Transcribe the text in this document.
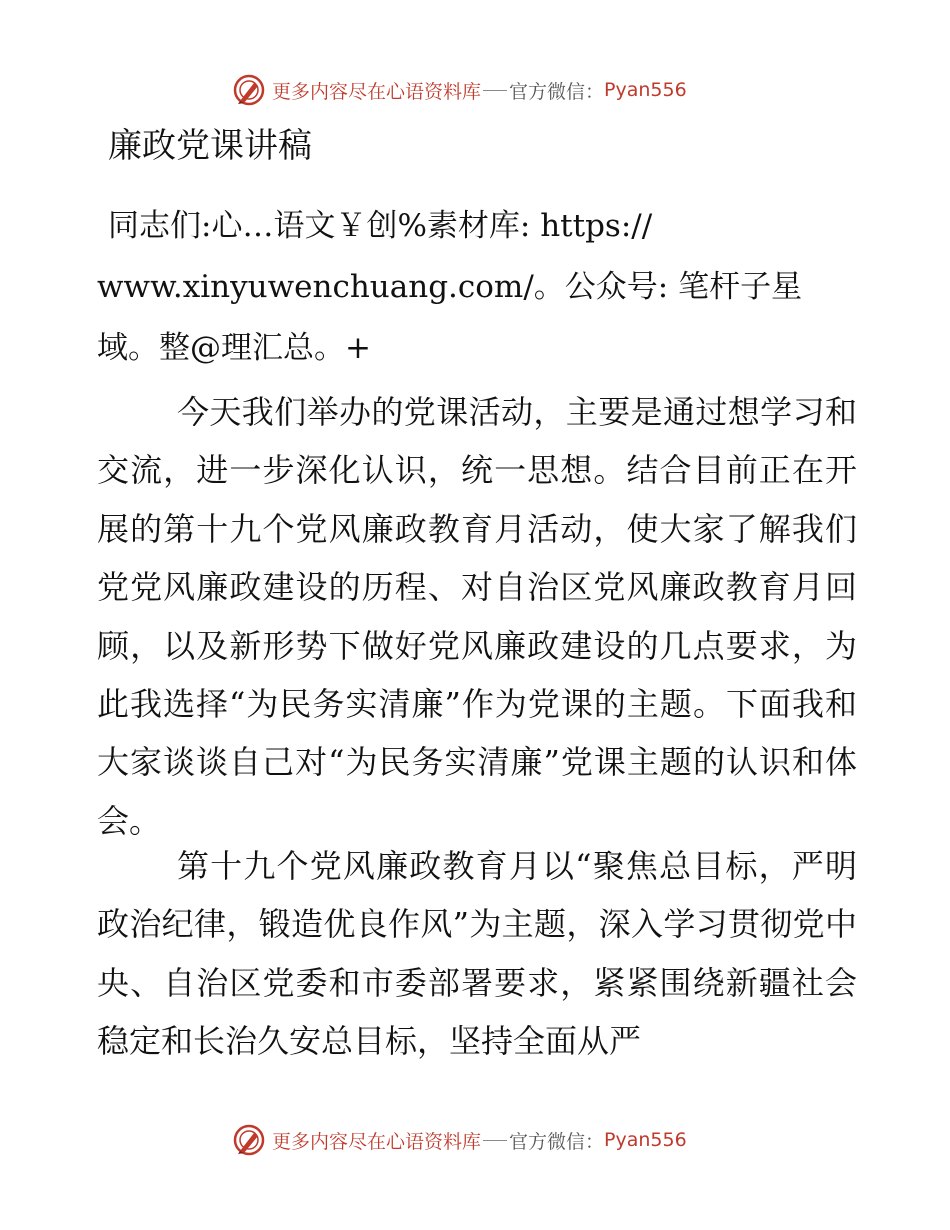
更多内容尽在心语资料库 官方微信： Pyan556
廉政党课讲稿
同志们:心…语文￥创%素材库: https://
www.xinyuwenchuang.com/。公众号: 笔杆子星
域。整@理汇总。+

今天我们举办的党课活动，主要是通过想学习和交流，进一步深化认识，统一思想。结合目前正在开展的第十九个党风廉政教育月活动，使大家了解我们党党风廉政建设的历程、对自治区党风廉政教育月回顾，以及新形势下做好党风廉政建设的几点要求，为此我选择“为民务实清廉”作为党课的主题。下面我和大家谈谈自己对“为民务实清廉”党课主题的认识和体会。

第十九个党风廉政教育月以“聚焦总目标，严明政治纪律，锻造优良作风”为主题，深入学习贯彻党中央、自治区党委和市委部署要求，紧紧围绕新疆社会稳定和长治久安总目标，坚持全面从严

更多内容尽在心语资料库 官方微信： Pyan556
